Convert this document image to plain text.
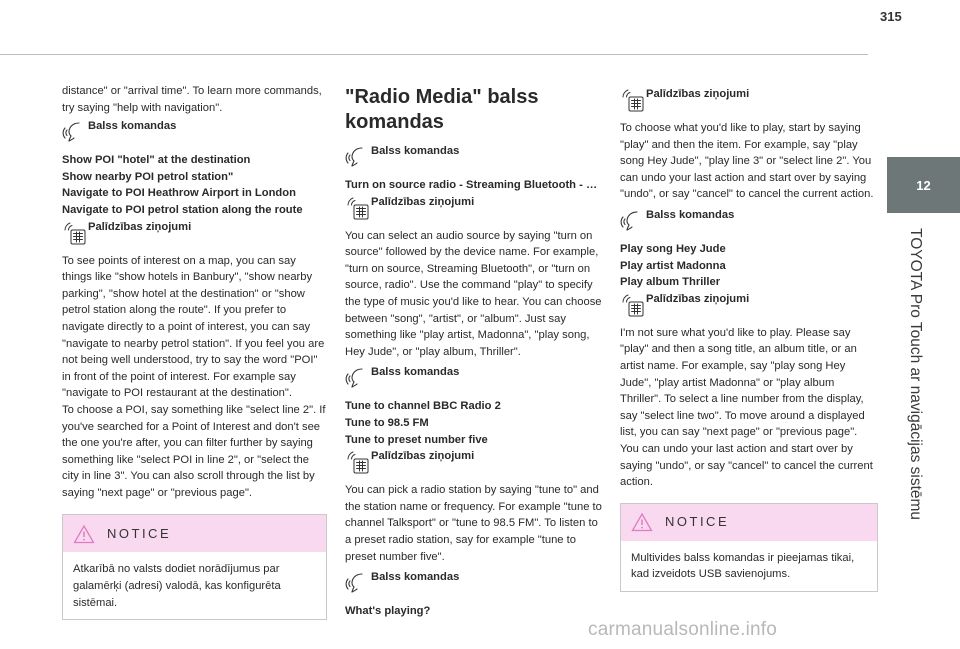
315
12
TOYOTA Pro Touch ar navigācijas sistēmu

distance" or "arrival time". To learn more commands, try saying "help with navigation".

Balss komandas

Show POI "hotel" at the destination

Show nearby POI petrol station"

Navigate to POI Heathrow Airport in London

Navigate to POI petrol station along the route

Palīdzības ziņojumi

To see points of interest on a map, you can say things like "show hotels in Banbury", "show nearby parking", "show hotel at the destination" or "show petrol station along the route". If you prefer to navigate directly to a point of interest, you can say "navigate to nearby petrol station". If you feel you are not being well understood, try to say the word "POI" in front of the point of interest. For example say "navigate to POI restaurant at the destination".

To choose a POI, say something like "select line 2". If you've searched for a Point of Interest and don't see the one you're after, you can filter further by saying something like "select POI in line 2", or "select the city in line 3". You can also scroll through the list by saying "next page" or "previous page".

NOTICE
Atkarībā no valsts dodiet norādījumus par galamērķi (adresi) valodā, kas konfigurēta sistēmai.
"Radio Media" balss komandas
Balss komandas

Turn on source radio - Streaming Bluetooth - …

Palīdzības ziņojumi

You can select an audio source by saying "turn on source" followed by the device name. For example, "turn on source, Streaming Bluetooth", or "turn on source, radio". Use the command "play" to specify the type of music you'd like to hear. You can choose between "song", "artist", or "album". Just say something like "play artist, Madonna", "play song, Hey Jude", or "play album, Thriller".

Balss komandas

Tune to channel BBC Radio 2

Tune to 98.5 FM

Tune to preset number five

Palīdzības ziņojumi

You can pick a radio station by saying "tune to" and the station name or frequency. For example "tune to channel Talksport" or "tune to 98.5 FM". To listen to a preset radio station, say for example "tune to preset number five".

Balss komandas

What's playing?

Palīdzības ziņojumi

To choose what you'd like to play, start by saying "play" and then the item. For example, say "play song Hey Jude", "play line 3" or "select line 2". You can undo your last action and start over by saying "undo", or say "cancel" to cancel the current action.

Balss komandas

Play song Hey Jude

Play artist Madonna

Play album Thriller

Palīdzības ziņojumi

I'm not sure what you'd like to play. Please say "play" and then a song title, an album title, or an artist name. For example, say "play song Hey Jude", "play artist Madonna" or "play album Thriller". To select a line number from the display, say "select line two". To move around a displayed list, you can say "next page" or "previous page". You can undo your last action and start over by saying "undo", or say "cancel" to cancel the current action.

NOTICE
Multivides balss komandas ir pieejamas tikai, kad izveidots USB savienojums.
carmanualsonline.info
